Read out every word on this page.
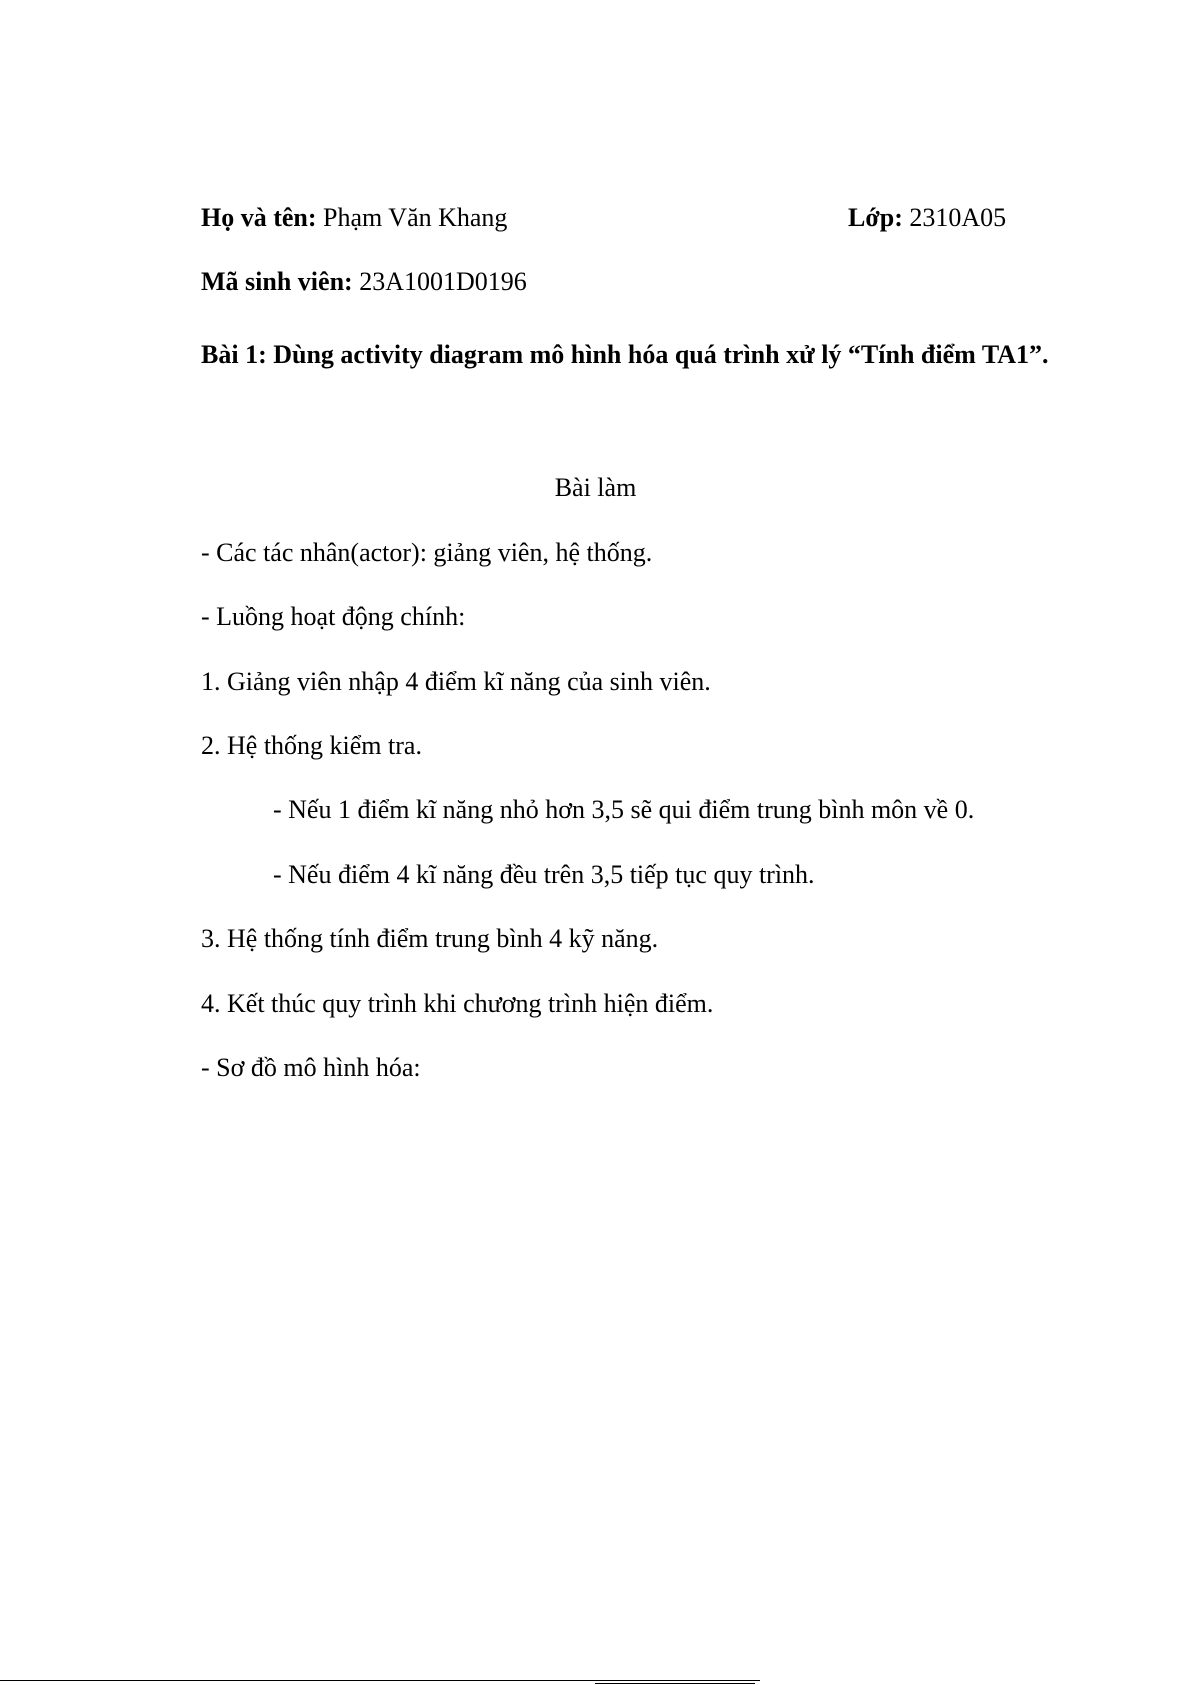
Họ và tên: Phạm Văn Khang	Lớp: 2310A05
Mã sinh viên: 23A1001D0196
Bài 1: Dùng activity diagram mô hình hóa quá trình xử lý “Tính điểm TA1”.
Bài làm
- Các tác nhân(actor): giảng viên, hệ thống.
- Luồng hoạt động chính:
1. Giảng viên nhập 4 điểm kĩ năng của sinh viên.
2. Hệ thống kiểm tra.
- Nếu 1 điểm kĩ năng nhỏ hơn 3,5 sẽ qui điểm trung bình môn về 0.
- Nếu điểm 4 kĩ năng đều trên 3,5 tiếp tục quy trình.
3. Hệ thống tính điểm trung bình 4 kỹ năng.
4. Kết thúc quy trình khi chương trình hiện điểm.
- Sơ đồ mô hình hóa:
